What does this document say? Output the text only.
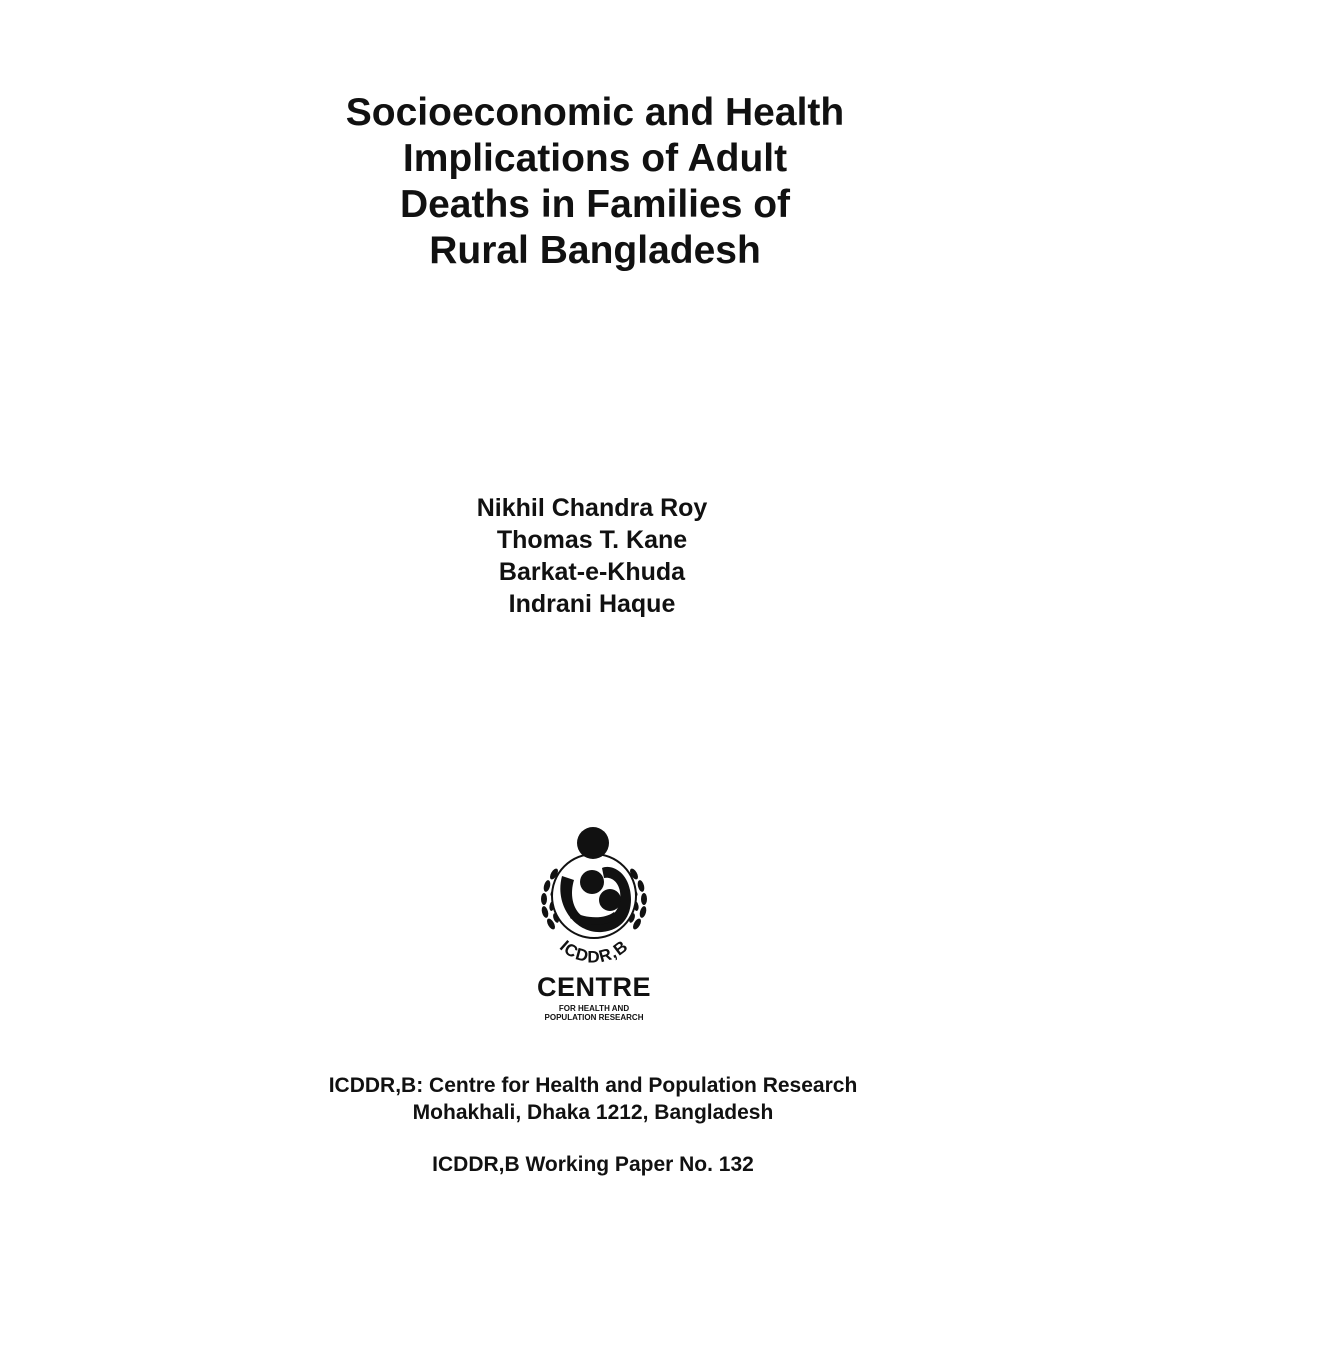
Socioeconomic and Health
Implications of Adult
Deaths in Families of
Rural Bangladesh
Nikhil Chandra Roy
Thomas T. Kane
Barkat-e-Khuda
Indrani Haque
ICDDR,B
CENTRE
FOR HEALTH AND
POPULATION RESEARCH
ICDDR,B: Centre for Health and Population Research
Mohakhali, Dhaka 1212, Bangladesh
ICDDR,B Working Paper No. 132
